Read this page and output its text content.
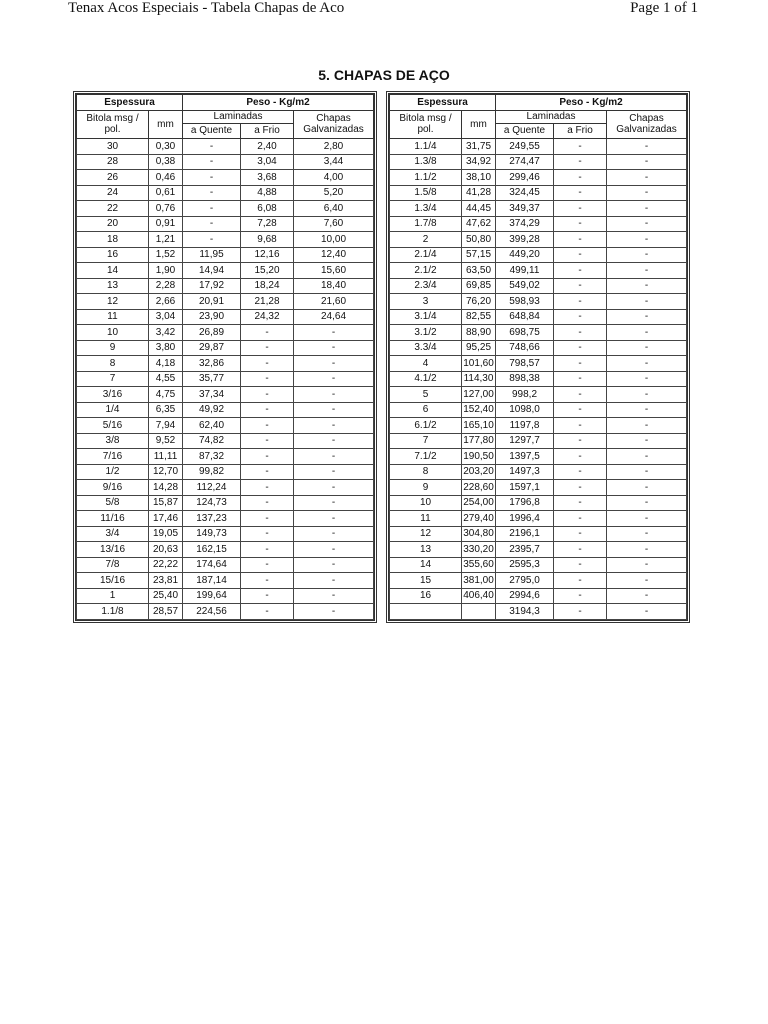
Tenax Acos Especiais - Tabela Chapas de Aco	Page 1 of 1
5. CHAPAS DE AÇO
Espessura		Peso - Kg/m2		
Bitola msg / pol.	mm	Laminadas		Chapas Galvanizadas
		a Quente	a Frio	
30	0,30	-	2,40	2,80
28	0,38	-	3,04	3,44
26	0,46	-	3,68	4,00
24	0,61	-	4,88	5,20
22	0,76	-	6,08	6,40
20	0,91	-	7,28	7,60
18	1,21	-	9,68	10,00
16	1,52	11,95	12,16	12,40
14	1,90	14,94	15,20	15,60
13	2,28	17,92	18,24	18,40
12	2,66	20,91	21,28	21,60
11	3,04	23,90	24,32	24,64
10	3,42	26,89	-	-
9	3,80	29,87	-	-
8	4,18	32,86	-	-
7	4,55	35,77	-	-
3/16	4,75	37,34	-	-
1/4	6,35	49,92	-	-
5/16	7,94	62,40	-	-
3/8	9,52	74,82	-	-
7/16	11,11	87,32	-	-
1/2	12,70	99,82	-	-
9/16	14,28	112,24	-	-
5/8	15,87	124,73	-	-
11/16	17,46	137,23	-	-
3/4	19,05	149,73	-	-
13/16	20,63	162,15	-	-
7/8	22,22	174,64	-	-
15/16	23,81	187,14	-	-
1	25,40	199,64	-	-
1.1/8	28,57	224,56	-	-
Espessura		Peso - Kg/m2		
Bitola msg / pol.	mm	Laminadas		Chapas Galvanizadas
		a Quente	a Frio	
1.1/4	31,75	249,55	-	-
1.3/8	34,92	274,47	-	-
1.1/2	38,10	299,46	-	-
1.5/8	41,28	324,45	-	-
1.3/4	44,45	349,37	-	-
1.7/8	47,62	374,29	-	-
2	50,80	399,28	-	-
2.1/4	57,15	449,20	-	-
2.1/2	63,50	499,11	-	-
2.3/4	69,85	549,02	-	-
3	76,20	598,93	-	-
3.1/4	82,55	648,84	-	-
3.1/2	88,90	698,75	-	-
3.3/4	95,25	748,66	-	-
4	101,60	798,57	-	-
4.1/2	114,30	898,38	-	-
5	127,00	998,2	-	-
6	152,40	1098,0	-	-
6.1/2	165,10	1197,8	-	-
7	177,80	1297,7	-	-
7.1/2	190,50	1397,5	-	-
8	203,20	1497,3	-	-
9	228,60	1597,1	-	-
10	254,00	1796,8	-	-
11	279,40	1996,4	-	-
12	304,80	2196,1	-	-
13	330,20	2395,7	-	-
14	355,60	2595,3	-	-
15	381,00	2795,0	-	-
16	406,40	2994,6	-	-
		3194,3	-	-
